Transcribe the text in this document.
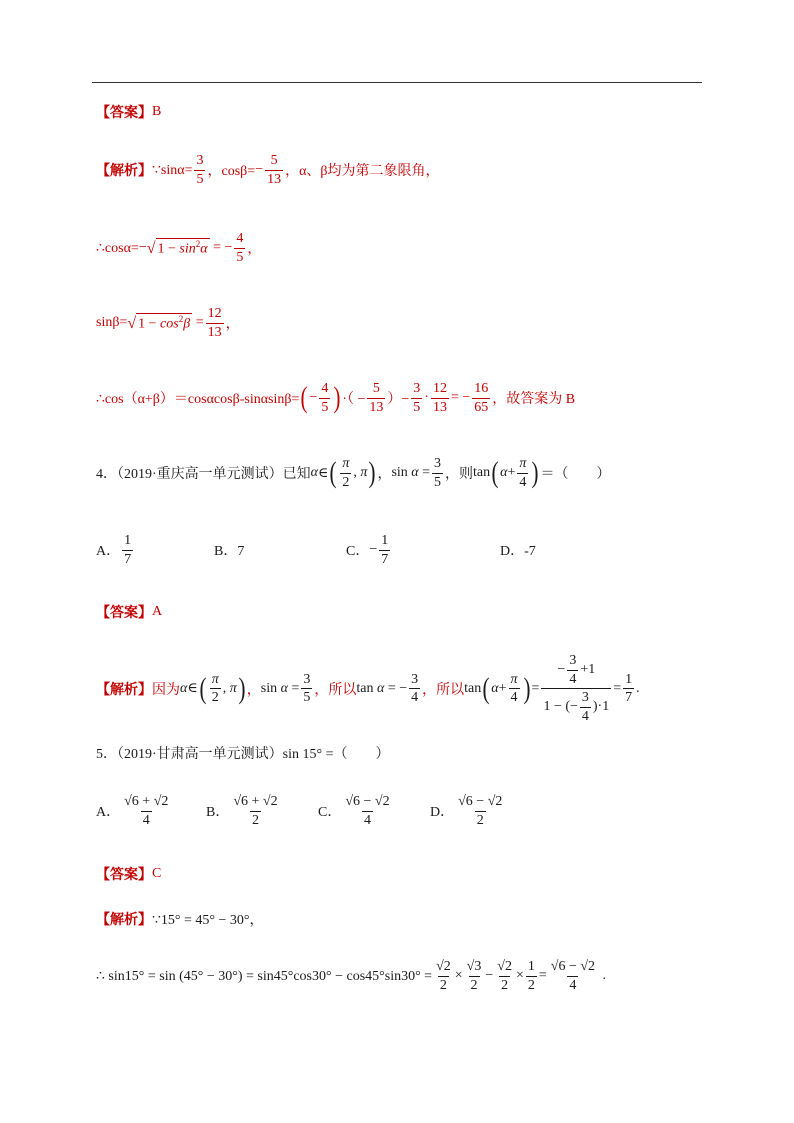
【答案】 B
【解析】 ∵sinα= $\frac{3}{5}$ ，$\cos\beta= - \frac{5}{13}$ ，α、β均为第二象限角，
∴cosα= − √ $1 - \sin^2\alpha$ = − $\frac{4}{5}$ ，
sinβ= √ $1 - \cos^2\beta = \frac{12}{13}$ ，
∴cos（α+β）＝cosαcosβ-sinαsinβ= ( − $\frac{4}{5}$ ) ·（ − $\frac{5}{13}$ ）− $\frac{3}{5} \cdot \frac{12}{13}$ = − $\frac{16}{65}$ ，故答案为 B
4．（2019·重庆高一单元测试）已知 α ∈ ( $\frac{\pi}{2}$ , π ) ， $\sin \alpha = \frac{3}{5}$ ，则 tan ( $\alpha + \frac{\pi}{4}$ ) ＝（　　）
A． $\frac{1}{7}$	B．7	C． − $\frac{1}{7}$	D．-7
【答案】 A
【解析】 因为 α ∈ ( $\frac{\pi}{2}$ , π ) ， $\sin \alpha = \frac{3}{5}$ ，所以 tan α = − $\frac{3}{4}$ ，所以 tan ( $\alpha + \frac{\pi}{4}$ ) = $\frac{- \frac{3}{4} +1}{1 - (- \frac{3}{4} )\cdot 1} = \frac{1}{7}$ .
5．（2019·甘肃高一单元测试） sin 15° =（　　）
A． $\frac{√6 + √2}{4}$	B． $\frac{√6 + √2}{2}$	C． $\frac{√6 - √2}{4}$	D． $\frac{√6 - √2}{2}$
【答案】 C
【解析】 ∵15° = 45° − 30°，
∴ $\sin 15^\circ = \sin (45^\circ - 30^\circ) = \sin 45^\circ\cos 30^\circ - \cos 45^\circ\sin 30^\circ = \frac{√2}{2} \times \frac{√3}{2} - \frac{√2}{2} \times \frac{1}{2} = \frac{√6 - √2}{4}$ .
